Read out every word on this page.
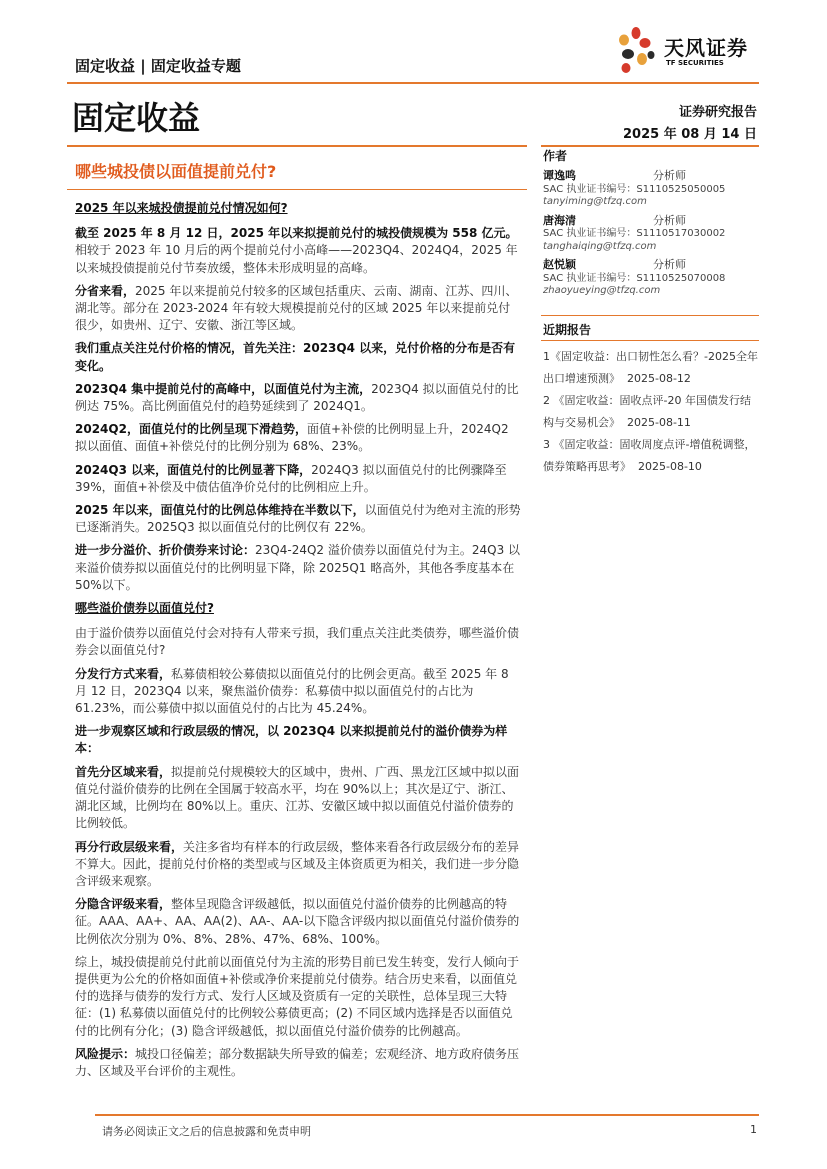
固定收益 | 固定收益专题
天风证券
TF SECURITIES
固定收益	证券研究报告
2025 年 08 月 14 日
哪些城投债以面值提前兑付?

2025 年以来城投债提前兑付情况如何?

截至 2025 年 8 月 12 日，2025 年以来拟提前兑付的城投债规模为 558 亿元。相较于 2023 年 10 月后的两个提前兑付小高峰——2023Q4、2024Q4，2025 年以来城投债提前兑付节奏放缓，整体未形成明显的高峰。

分省来看，2025 年以来提前兑付较多的区域包括重庆、云南、湖南、江苏、四川、湖北等。部分在 2023-2024 年有较大规模提前兑付的区域 2025 年以来提前兑付很少，如贵州、辽宁、安徽、浙江等区域。

我们重点关注兑付价格的情况，首先关注：2023Q4 以来，兑付价格的分布是否有变化。

2023Q4 集中提前兑付的高峰中，以面值兑付为主流，2023Q4 拟以面值兑付的比例达 75%。高比例面值兑付的趋势延续到了 2024Q1。

2024Q2，面值兑付的比例呈现下滑趋势，面值+补偿的比例明显上升，2024Q2 拟以面值、面值+补偿兑付的比例分别为 68%、23%。

2024Q3 以来，面值兑付的比例显著下降，2024Q3 拟以面值兑付的比例骤降至 39%，面值+补偿及中债估值净价兑付的比例相应上升。

2025 年以来，面值兑付的比例总体维持在半数以下，以面值兑付为绝对主流的形势已逐渐消失。2025Q3 拟以面值兑付的比例仅有 22%。

进一步分溢价、折价债券来讨论：23Q4-24Q2 溢价债券以面值兑付为主。24Q3 以来溢价债券拟以面值兑付的比例明显下降，除 2025Q1 略高外，其他各季度基本在 50%以下。

哪些溢价债券以面值兑付?

由于溢价债券以面值兑付会对持有人带来亏损，我们重点关注此类债券，哪些溢价债券会以面值兑付?

分发行方式来看，私募债相较公募债拟以面值兑付的比例会更高。截至 2025 年 8 月 12 日，2023Q4 以来，聚焦溢价债券：私募债中拟以面值兑付的占比为 61.23%，而公募债中拟以面值兑付的占比为 45.24%。

进一步观察区域和行政层级的情况，以 2023Q4 以来拟提前兑付的溢价债券为样本：

首先分区域来看，拟提前兑付规模较大的区域中，贵州、广西、黑龙江区域中拟以面值兑付溢价债券的比例在全国属于较高水平，均在 90%以上；其次是辽宁、浙江、湖北区域，比例均在 80%以上。重庆、江苏、安徽区域中拟以面值兑付溢价债券的比例较低。

再分行政层级来看，关注多省均有样本的行政层级，整体来看各行政层级分布的差异不算大。因此，提前兑付价格的类型或与区域及主体资质更为相关，我们进一步分隐含评级来观察。

分隐含评级来看，整体呈现隐含评级越低，拟以面值兑付溢价债券的比例越高的特征。AAA、AA+、AA、AA(2)、AA-、AA-以下隐含评级内拟以面值兑付溢价债券的比例依次分别为 0%、8%、28%、47%、68%、100%。

综上，城投债提前兑付此前以面值兑付为主流的形势目前已发生转变，发行人倾向于提供更为公允的价格如面值+补偿或净价来提前兑付债券。结合历史来看，以面值兑付的选择与债券的发行方式、发行人区域及资质有一定的关联性，总体呈现三大特征：(1) 私募债以面值兑付的比例较公募债更高；(2) 不同区域内选择是否以面值兑付的比例有分化；(3) 隐含评级越低，拟以面值兑付溢价债券的比例越高。

风险提示：城投口径偏差；部分数据缺失所导致的偏差；宏观经济、地方政府债务压力、区域及平台评价的主观性。

作者
谭逸鸣	分析师
SAC 执业证书编号：S1110525050005
tanyiming@tfzq.com
唐海清	分析师
SAC 执业证书编号：S1110517030002
tanghaiqing@tfzq.com
赵悦颖	分析师
SAC 执业证书编号：S1110525070008
zhaoyueying@tfzq.com
近期报告
1《固定收益：出口韧性怎么看？-2025全年出口增速预测》 2025-08-12
2 《固定收益：固收点评-20 年国债发行结构与交易机会》 2025-08-11
3 《固定收益：固收周度点评-增值税调整，债券策略再思考》 2025-08-10
请务必阅读正文之后的信息披露和免责申明	1
